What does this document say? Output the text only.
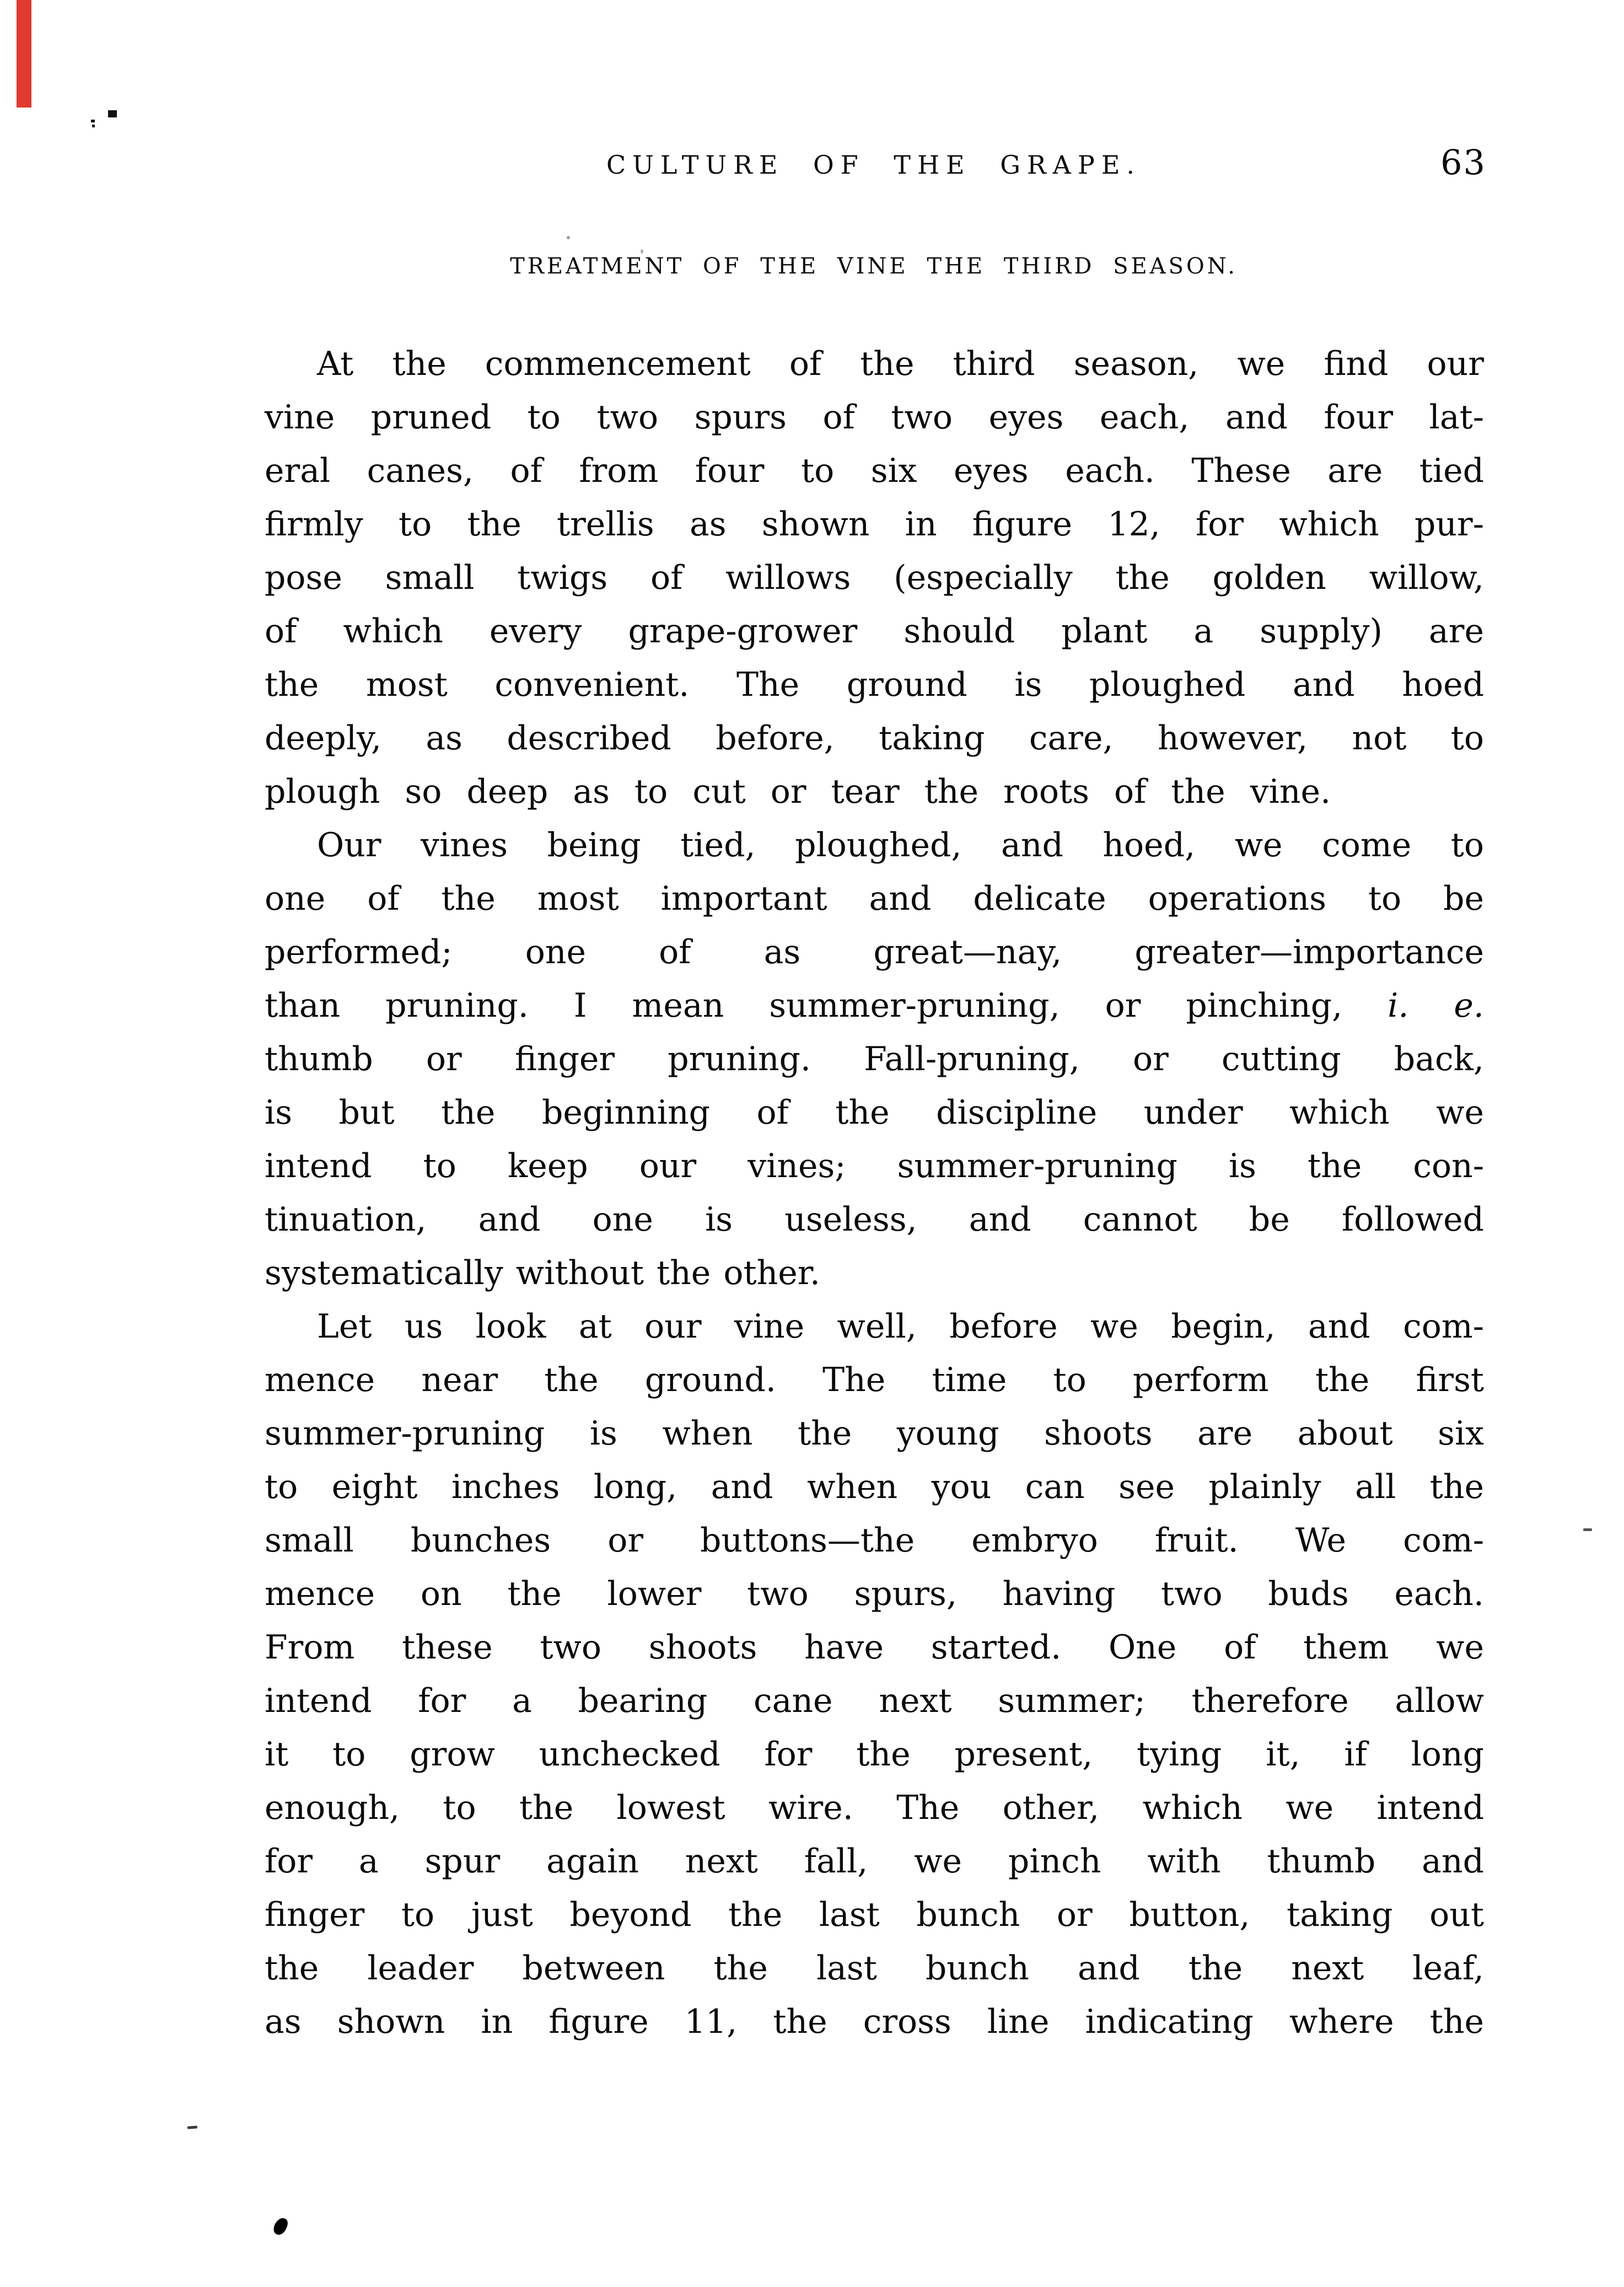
CULTURE OF THE GRAPE.	63
TREATMENT OF THE VINE THE THIRD SEASON.
At the commencement of the third season, we find our
vine pruned to two spurs of two eyes each, and four lat-
eral canes, of from four to six eyes each. These are tied
firmly to the trellis as shown in figure 12, for which pur-
pose small twigs of willows (especially the golden willow,
of which every grape-grower should plant a supply) are
the most convenient. The ground is ploughed and hoed
deeply, as described before, taking care, however, not to
plough so deep as to cut or tear the roots of the vine.
Our vines being tied, ploughed, and hoed, we come to
one of the most important and delicate operations to be
performed; one of as great—nay, greater—importance
than pruning. I mean summer-pruning, or pinching, i. e.
thumb or finger pruning. Fall-pruning, or cutting back,
is but the beginning of the discipline under which we
intend to keep our vines; summer-pruning is the con-
tinuation, and one is useless, and cannot be followed
systematically without the other.
Let us look at our vine well, before we begin, and com-
mence near the ground. The time to perform the first
summer-pruning is when the young shoots are about six
to eight inches long, and when you can see plainly all the
small bunches or buttons—the embryo fruit. We com-
mence on the lower two spurs, having two buds each.
From these two shoots have started. One of them we
intend for a bearing cane next summer; therefore allow
it to grow unchecked for the present, tying it, if long
enough, to the lowest wire. The other, which we intend
for a spur again next fall, we pinch with thumb and
finger to just beyond the last bunch or button, taking out
the leader between the last bunch and the next leaf,
as shown in figure 11, the cross line indicating where the
